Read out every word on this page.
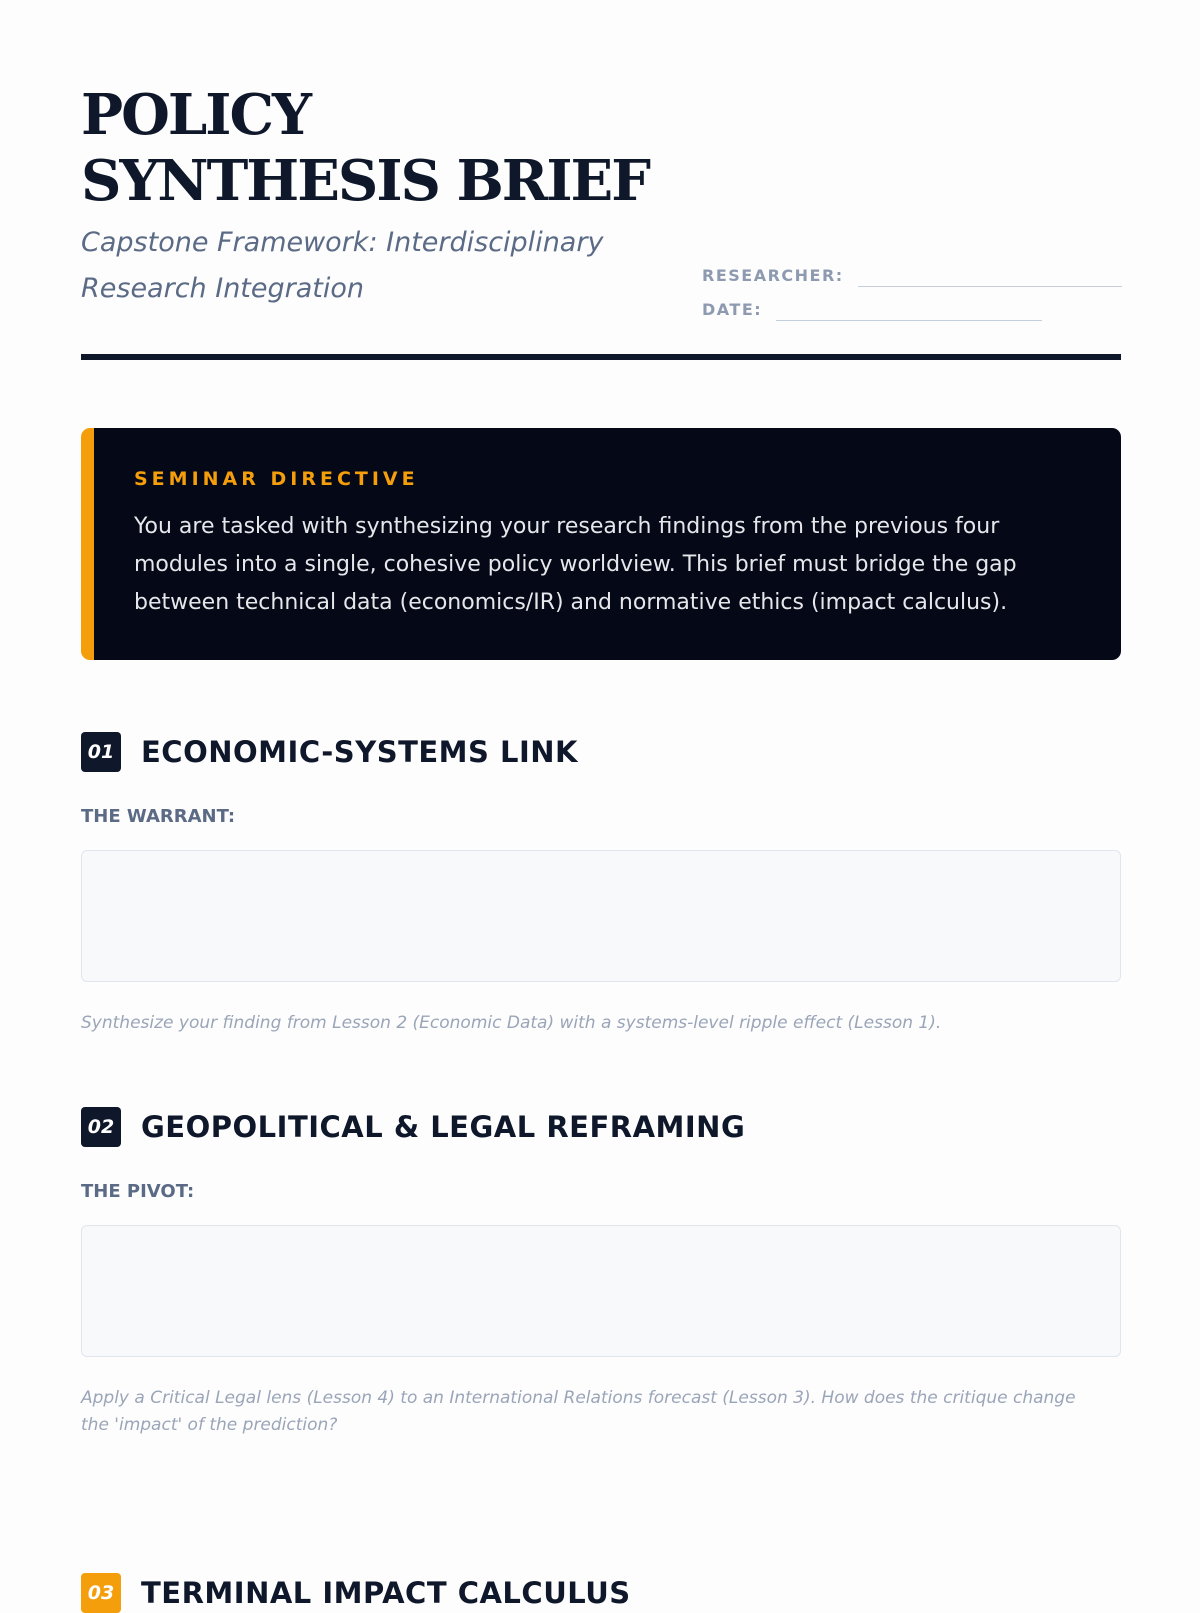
POLICY SYNTHESIS BRIEF

Capstone Framework: Interdisciplinary Research Integration	RESEARCHER:
DATE:

SEMINAR DIRECTIVE

You are tasked with synthesizing your research findings from the previous four modules into a single, cohesive policy worldview. This brief must bridge the gap between technical data (economics/IR) and normative ethics (impact calculus).

01 ECONOMIC-SYSTEMS LINK
THE WARRANT:
Synthesize your finding from Lesson 2 (Economic Data) with a systems-level ripple effect (Lesson 1).
02 GEOPOLITICAL & LEGAL REFRAMING
THE PIVOT:
Apply a Critical Legal lens (Lesson 4) to an International Relations forecast (Lesson 3). How does the critique change the 'impact' of the prediction?
03 TERMINAL IMPACT CALCULUS
